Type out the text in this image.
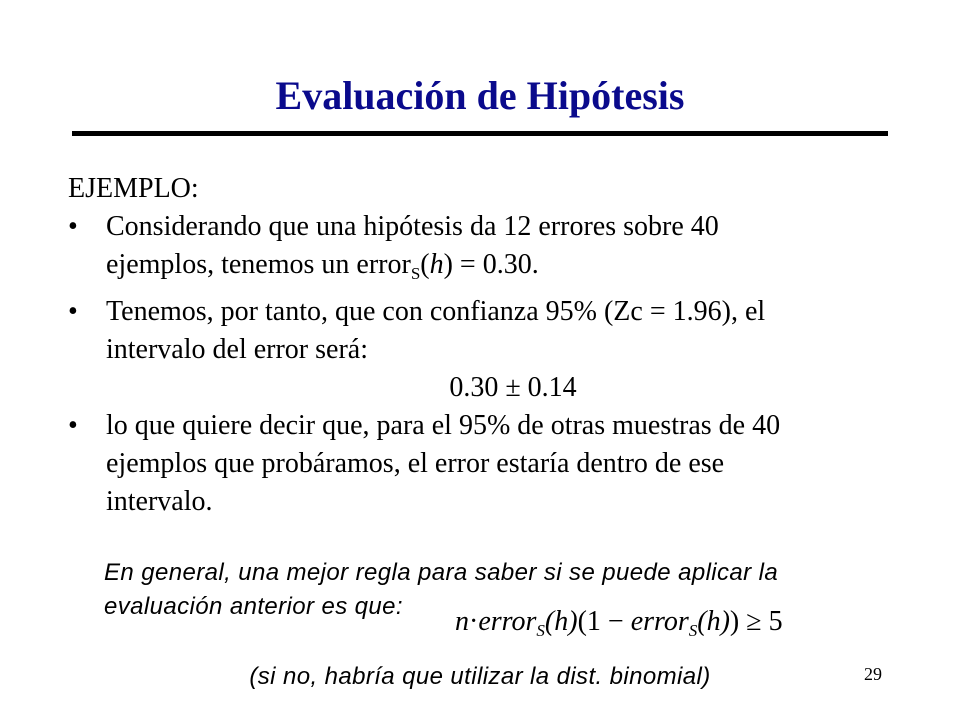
Evaluación de Hipótesis

EJEMPLO:

• Considerando que una hipótesis da 12 errores sobre 40
ejemplos, tenemos un error$_S$(h) = 0.30.
• Tenemos, por tanto, que con confianza 95% (Zc = 1.96), el
intervalo del error será:

0.30 ± 0.14

• lo que quiere decir que, para el 95% de otras muestras de 40
ejemplos que probáramos, el error estaría dentro de ese
intervalo.
En general, una mejor regla para saber si se puede aplicar la
evaluación anterior es que:	n·error$_S$(h)(1 − error$_S$(h)) ≥ 5
(si no, habría que utilizar la dist. binomial)	29
